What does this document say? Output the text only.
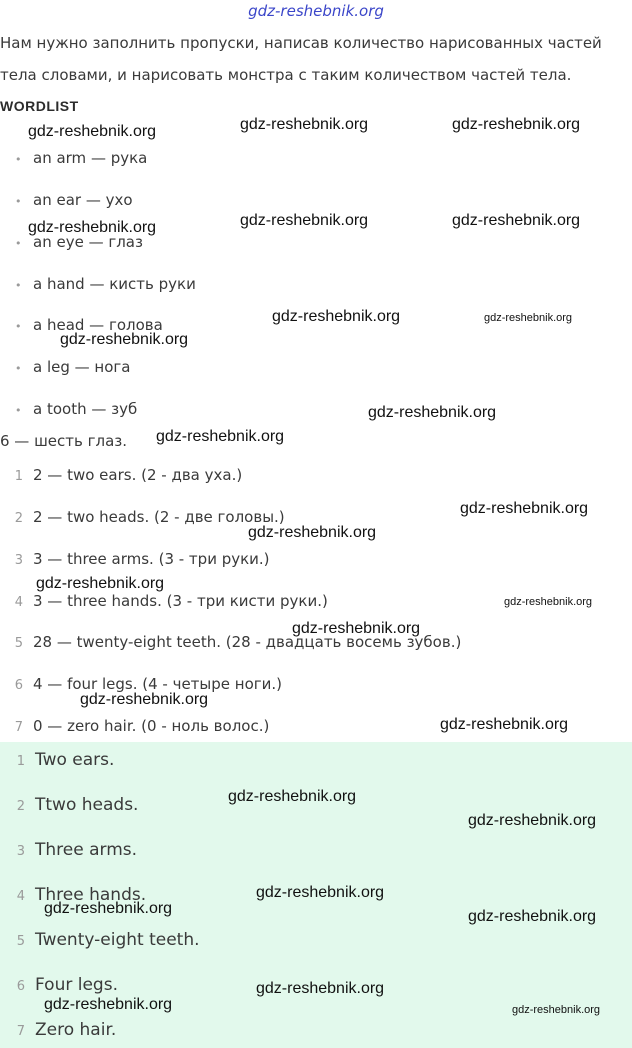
gdz-reshebnik.org
Нам нужно заполнить пропуски, написав количество нарисованных частей
тела словами, и нарисовать монстра с таким количеством частей тела.
WORDLIST
• an arm — рука
• an ear — ухо
• an eye — глаз
• a hand — кисть руки
• a head — голова
• a leg — нога
• a tooth — зуб
6 — шесть глаз.
1 2 — two ears. (2 - два уха.)
2 2 — two heads. (2 - две головы.)
3 3 — three arms. (3 - три руки.)
4 3 — three hands. (3 - три кисти руки.)
5 28 — twenty-eight teeth. (28 - двадцать восемь зубов.)
6 4 — four legs. (4 - четыре ноги.)
7 0 — zero hair. (0 - ноль волос.)
1 Two ears.
2 Ttwo heads.
3 Three arms.
4 Three hands.
5 Twenty-eight teeth.
6 Four legs.
7 Zero hair.
gdz-reshebnik.org	gdz-reshebnik.org	gdz-reshebnik.org
gdz-reshebnik.org	gdz-reshebnik.org	gdz-reshebnik.org
gdz-reshebnik.org	gdz-reshebnik.org
gdz-reshebnik.org
gdz-reshebnik.org
gdz-reshebnik.org
gdz-reshebnik.org
gdz-reshebnik.org
gdz-reshebnik.org
gdz-reshebnik.org
gdz-reshebnik.org
gdz-reshebnik.org
gdz-reshebnik.org
gdz-reshebnik.org
gdz-reshebnik.org
gdz-reshebnik.org
gdz-reshebnik.org	gdz-reshebnik.org
gdz-reshebnik.org
gdz-reshebnik.org	gdz-reshebnik.org
